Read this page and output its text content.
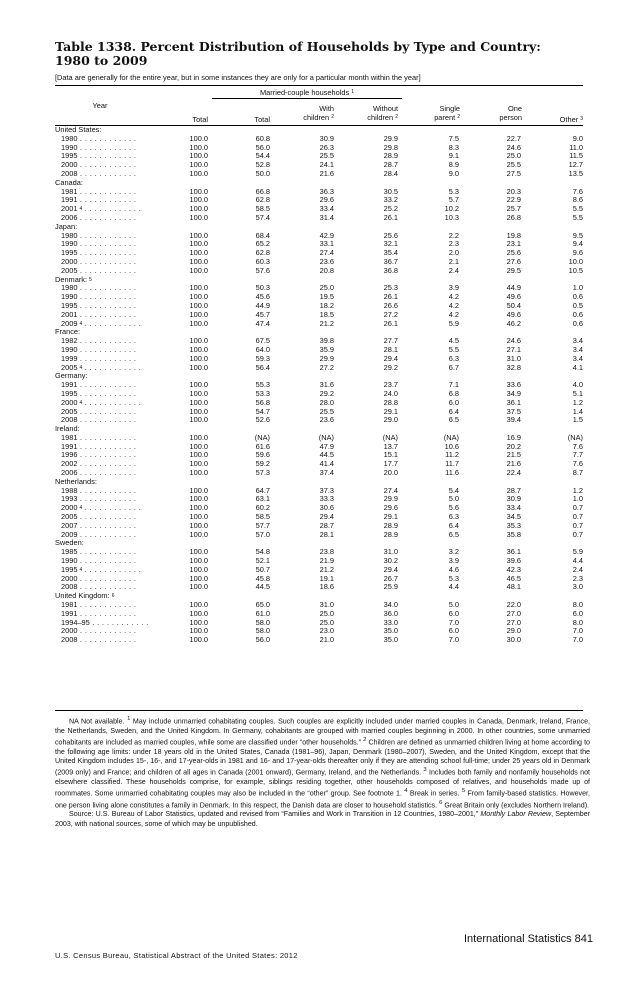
Table 1338. Percent Distribution of Households by Type and Country:
1980 to 2009
[Data are generally for the entire year, but in some instances they are only for a particular month within the year]
Year
Married-couple households $^1$
Total	Total
With
children $^2$
Without
children $^2$
Single
parent $^2$
One
person	Other $^3$
United States:							
1980 . . . . . . . . . . . .	100.0	60.8	30.9	29.9	7.5	22.7	9.0
1990 . . . . . . . . . . . .	100.0	56.0	26.3	29.8	8.3	24.6	11.0
1995 . . . . . . . . . . . .	100.0	54.4	25.5	28.9	9.1	25.0	11.5
2000 . . . . . . . . . . . .	100.0	52.8	24.1	28.7	8.9	25.5	12.7
2008 . . . . . . . . . . . .	100.0	50.0	21.6	28.4	9.0	27.5	13.5
Canada:							
1981 . . . . . . . . . . . .	100.0	66.8	36.3	30.5	5.3	20.3	7.6
1991 . . . . . . . . . . . .	100.0	62.8	29.6	33.2	5.7	22.9	8.6
2001 $^4$ . . . . . . . . . . . .	100.0	58.5	33.4	25.2	10.2	25.7	5.5
2006 . . . . . . . . . . . .	100.0	57.4	31.4	26.1	10.3	26.8	5.5
Japan:							
1980 . . . . . . . . . . . .	100.0	68.4	42.9	25.6	2.2	19.8	9.5
1990 . . . . . . . . . . . .	100.0	65.2	33.1	32.1	2.3	23.1	9.4
1995 . . . . . . . . . . . .	100.0	62.8	27.4	35.4	2.0	25.6	9.6
2000 . . . . . . . . . . . .	100.0	60.3	23.6	36.7	2.1	27.6	10.0
2005 . . . . . . . . . . . .	100.0	57.6	20.8	36.8	2.4	29.5	10.5
Denmark: $^5$
1980 . . . . . . . . . . . .	100.0	50.3	25.0	25.3	3.9	44.9	1.0
1990 . . . . . . . . . . . .	100.0	45.6	19.5	26.1	4.2	49.6	0.6
1995 . . . . . . . . . . . .	100.0	44.9	18.2	26.6	4.2	50.4	0.5
2001 . . . . . . . . . . . .	100.0	45.7	18.5	27.2	4.2	49.6	0.6
2009 $^4$ . . . . . . . . . . . .	100.0	47.4	21.2	26.1	5.9	46.2	0.6
France:							
1982 . . . . . . . . . . . .	100.0	67.5	39.8	27.7	4.5	24.6	3.4
1990 . . . . . . . . . . . .	100.0	64.0	35.9	28.1	5.5	27.1	3.4
1999 . . . . . . . . . . . .	100.0	59.3	29.9	29.4	6.3	31.0	3.4
2005 $^4$ . . . . . . . . . . . .	100.0	56.4	27.2	29.2	6.7	32.8	4.1
Germany:							
1991 . . . . . . . . . . . .	100.0	55.3	31.6	23.7	7.1	33.6	4.0
1995 . . . . . . . . . . . .	100.0	53.3	29.2	24.0	6.8	34.9	5.1
2000 $^4$ . . . . . . . . . . . .	100.0	56.8	28.0	28.8	6.0	36.1	1.2
2005 . . . . . . . . . . . .	100.0	54.7	25.5	29.1	6.4	37.5	1.4
2008 . . . . . . . . . . . .	100.0	52.6	23.6	29.0	6.5	39.4	1.5
Ireland:							
1981 . . . . . . . . . . . .	100.0	(NA)	(NA)	(NA)	(NA)	16.9	(NA)
1991 . . . . . . . . . . . .	100.0	61.6	47.9	13.7	10.6	20.2	7.6
1996 . . . . . . . . . . . .	100.0	59.6	44.5	15.1	11.2	21.5	7.7
2002 . . . . . . . . . . . .	100.0	59.2	41.4	17.7	11.7	21.6	7.6
2006 . . . . . . . . . . . .	100.0	57.3	37.4	20.0	11.6	22.4	8.7
Netherlands:							
1988 . . . . . . . . . . . .	100.0	64.7	37.3	27.4	5.4	28.7	1.2
1993 . . . . . . . . . . . .	100.0	63.1	33.3	29.9	5.0	30.9	1.0
2000 $^4$ . . . . . . . . . . . .	100.0	60.2	30.6	29.6	5.6	33.4	0.7
2005 . . . . . . . . . . . .	100.0	58.5	29.4	29.1	6.3	34.5	0.7
2007 . . . . . . . . . . . .	100.0	57.7	28.7	28.9	6.4	35.3	0.7
2009 . . . . . . . . . . . .	100.0	57.0	28.1	28.9	6.5	35.8	0.7
Sweden:							
1985 . . . . . . . . . . . .	100.0	54.8	23.8	31.0	3.2	36.1	5.9
1990 . . . . . . . . . . . .	100.0	52.1	21.9	30.2	3.9	39.6	4.4
1995 $^4$ . . . . . . . . . . . .	100.0	50.7	21.2	29.4	4.6	42.3	2.4
2000 . . . . . . . . . . . .	100.0	45.8	19.1	26.7	5.3	46.5	2.3
2008 . . . . . . . . . . . .	100.0	44.5	18.6	25.9	4.4	48.1	3.0
United Kingdom: $^6$
1981 . . . . . . . . . . . .	100.0	65.0	31.0	34.0	5.0	22.0	8.0
1991 . . . . . . . . . . . .	100.0	61.0	25.0	36.0	6.0	27.0	6.0
1994–95 . . . . . . . . . . . .	100.0	58.0	25.0	33.0	7.0	27.0	8.0
2000 . . . . . . . . . . . .	100.0	58.0	23.0	35.0	6.0	29.0	7.0
2008 . . . . . . . . . . . .	100.0	56.0	21.0	35.0	7.0	30.0	7.0

NA Not available. $^1$ May include unmarried cohabitating couples. Such couples are explicitly included under married couples in Canada, Denmark, Ireland, France, the Netherlands, Sweden, and the United Kingdom. In Germany, cohabitants are grouped with married couples beginning in 2000. In other countries, some unmarried cohabitants are included as married couples, while some are classified under “other households.” $^2$ Children are defined as unmarried children living at home according to the following age limits: under 18 years old in the United States, Canada (1981–96), Japan, Denmark (1980–2007), Sweden, and the United Kingdom, except that the United Kingdom includes 15-, 16-, and 17-year-olds in 1981 and 16- and 17-year-olds thereafter only if they are attending school full-time; under 25 years old in Denmark (2009 only) and France; and children of all ages in Canada (2001 onward), Germany, Ireland, and the Netherlands. $^3$ Includes both family and nonfamily households not elsewhere classified. These households comprise, for example, siblings residing together, other households composed of relatives, and households made up of roommates. Some unmarried cohabitating couples may also be included in the “other” group. See footnote 1. $^4$ Break in series. $^5$ From family-based statistics. However, one person living alone constitutes a family in Denmark. In this respect, the Danish data are closer to household statistics. $^6$ Great Britain only (excludes Northern Ireland).

Source: U.S. Bureau of Labor Statistics, updated and revised from “Families and Work in Transition in 12 Countries, 1980–2001,” Monthly Labor Review, September 2003, with national sources, some of which may be unpublished.

International Statistics 841
U.S. Census Bureau, Statistical Abstract of the United States: 2012
